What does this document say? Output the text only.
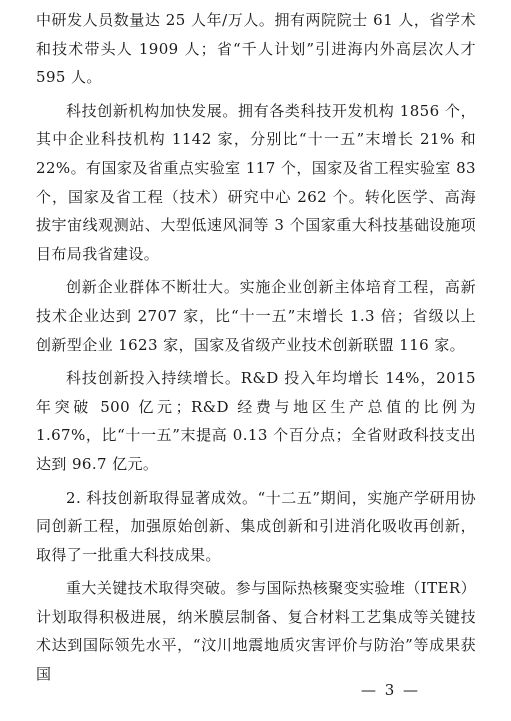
中研发人员数量达 25 人年/万人。拥有两院院士 61 人，省学术和技术带头人 1909 人；省“千人计划”引进海内外高层次人才 595 人。

科技创新机构加快发展。拥有各类科技开发机构 1856 个，其中企业科技机构 1142 家，分别比“十一五”末增长 21% 和 22%。有国家及省重点实验室 117 个，国家及省工程实验室 83 个，国家及省工程（技术）研究中心 262 个。转化医学、高海拔宇宙线观测站、大型低速风洞等 3 个国家重大科技基础设施项目布局我省建设。

创新企业群体不断壮大。实施企业创新主体培育工程，高新技术企业达到 2707 家，比“十一五”末增长 1.3 倍；省级以上创新型企业 1623 家，国家及省级产业技术创新联盟 116 家。

科技创新投入持续增长。R&D 投入年均增长 14%，2015 年突破 500 亿元；R&D 经费与地区生产总值的比例为 1.67%，比“十一五”末提高 0.13 个百分点；全省财政科技支出达到 96.7 亿元。

2. 科技创新取得显著成效。“十二五”期间，实施产学研用协同创新工程，加强原始创新、集成创新和引进消化吸收再创新，取得了一批重大科技成果。

重大关键技术取得突破。参与国际热核聚变实验堆（ITER）计划取得积极进展，纳米膜层制备、复合材料工艺集成等关键技术达到国际领先水平，“汶川地震地质灾害评价与防治”等成果获国

— 3 —
